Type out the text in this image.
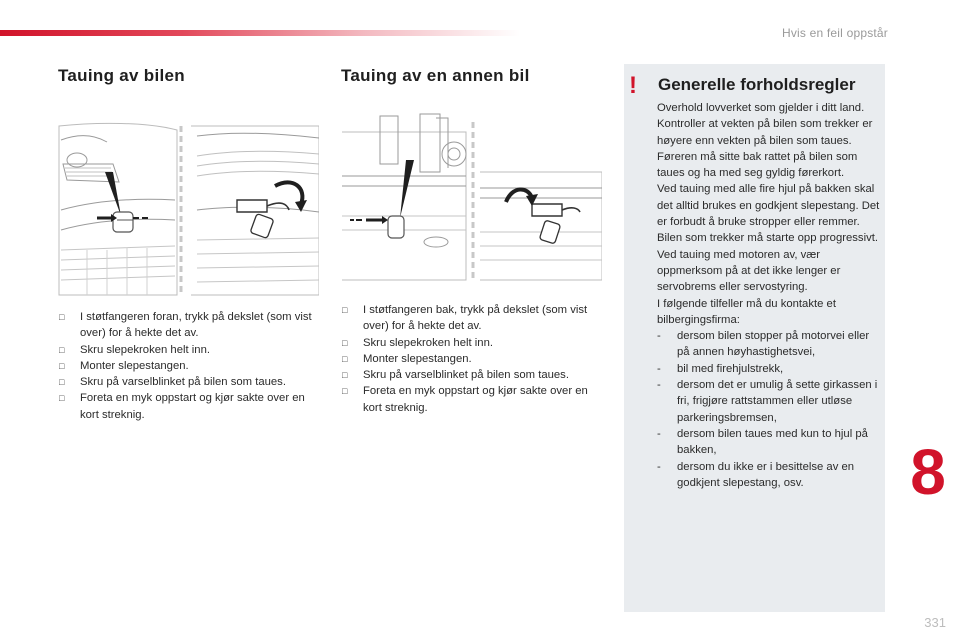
Hvis en feil oppstår
Tauing av bilen	Tauing av en annen bil
□ I støtfangeren foran, trykk på dekslet (som vist over) for å hekte det av.
□ Skru slepekroken helt inn.
□ Monter slepestangen.
□ Skru på varselblinket på bilen som taues.
□ Foreta en myk oppstart og kjør sakte over en kort streknig.
□ I støtfangeren bak, trykk på dekslet (som vist over) for å hekte det av.
□ Skru slepekroken helt inn.
□ Monter slepestangen.
□ Skru på varselblinket på bilen som taues.
□ Foreta en myk oppstart og kjør sakte over en kort streknig.
! Generelle forholdsregler

Overhold lovverket som gjelder i ditt land.

Kontroller at vekten på bilen som trekker er høyere enn vekten på bilen som taues.

Føreren må sitte bak rattet på bilen som taues og ha med seg gyldig førerkort.

Ved tauing med alle fire hjul på bakken skal det alltid brukes en godkjent slepestang. Det er forbudt å bruke stropper eller remmer.

Bilen som trekker må starte opp progressivt.

Ved tauing med motoren av, vær oppmerksom på at det ikke lenger er servobrems eller servostyring.

I følgende tilfeller må du kontakte et bilbergingsfirma:

- dersom bilen stopper på motorvei eller på annen høyhastighetsvei,
- bil med firehjulstrekk,
- dersom det er umulig å sette girkassen i fri, frigjøre rattstammen eller utløse parkeringsbremsen,
- dersom bilen taues med kun to hjul på bakken,
- dersom du ikke er i besittelse av en godkjent slepestang, osv.	8
331
